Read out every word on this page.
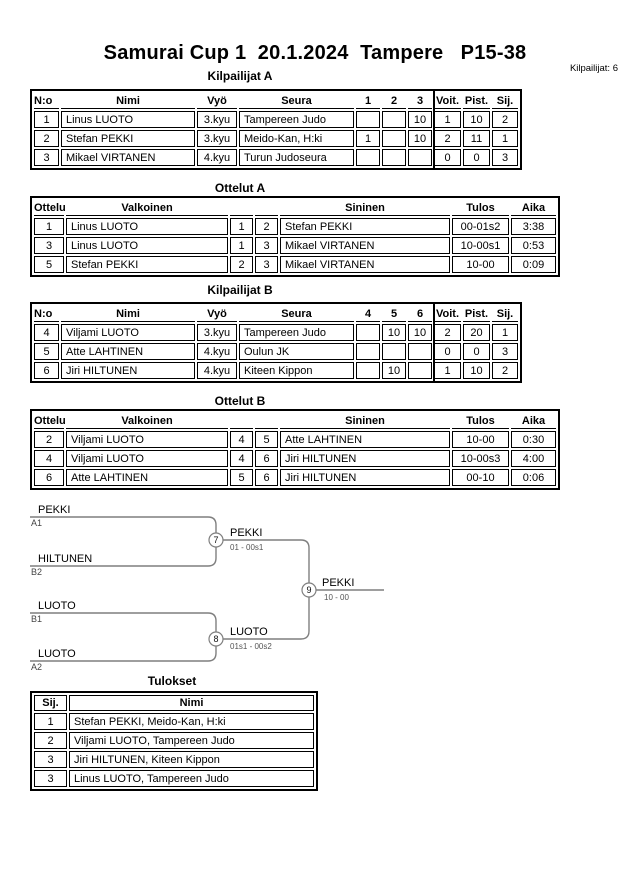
Samurai Cup 1  20.1.2024  Tampere   P15-38
Kilpailijat: 6
Kilpailijat A
N:o	Nimi	Vyö	Seura	1	2	3	Voit.	Pist.	Sij.
1	Linus LUOTO	3.kyu	Tampereen Judo			10	1	10	2
2	Stefan PEKKI	3.kyu	Meido-Kan, H:ki	1		10	2	11	1
3	Mikael VIRTANEN	4.kyu	Turun Judoseura				0	0	3
Ottelut A
Ottelu	Valkoinen			Sininen	Tulos	Aika
1	Linus LUOTO	1	2	Stefan PEKKI	00-01s2	3:38
3	Linus LUOTO	1	3	Mikael VIRTANEN	10-00s1	0:53
5	Stefan PEKKI	2	3	Mikael VIRTANEN	10-00	0:09
Kilpailijat B
N:o	Nimi	Vyö	Seura	4	5	6	Voit.	Pist.	Sij.
4	Viljami LUOTO	3.kyu	Tampereen Judo		10	10	2	20	1
5	Atte LAHTINEN	4.kyu	Oulun JK				0	0	3
6	Jiri HILTUNEN	4.kyu	Kiteen Kippon		10		1	10	2
Ottelut B
Ottelu	Valkoinen			Sininen	Tulos	Aika
2	Viljami LUOTO	4	5	Atte LAHTINEN	10-00	0:30
4	Viljami LUOTO	4	6	Jiri HILTUNEN	10-00s3	4:00
6	Atte LAHTINEN	5	6	Jiri HILTUNEN	00-10	0:06
7
8
9
PEKKI
A1
HILTUNEN
B2
LUOTO
B1
LUOTO
A2
PEKKI
01 - 00s1
LUOTO
01s1 - 00s2
PEKKI
10 - 00
Tulokset
Sij.	Nimi
1	Stefan PEKKI, Meido-Kan, H:ki
2	Viljami LUOTO, Tampereen Judo
3	Jiri HILTUNEN, Kiteen Kippon
3	Linus LUOTO, Tampereen Judo
